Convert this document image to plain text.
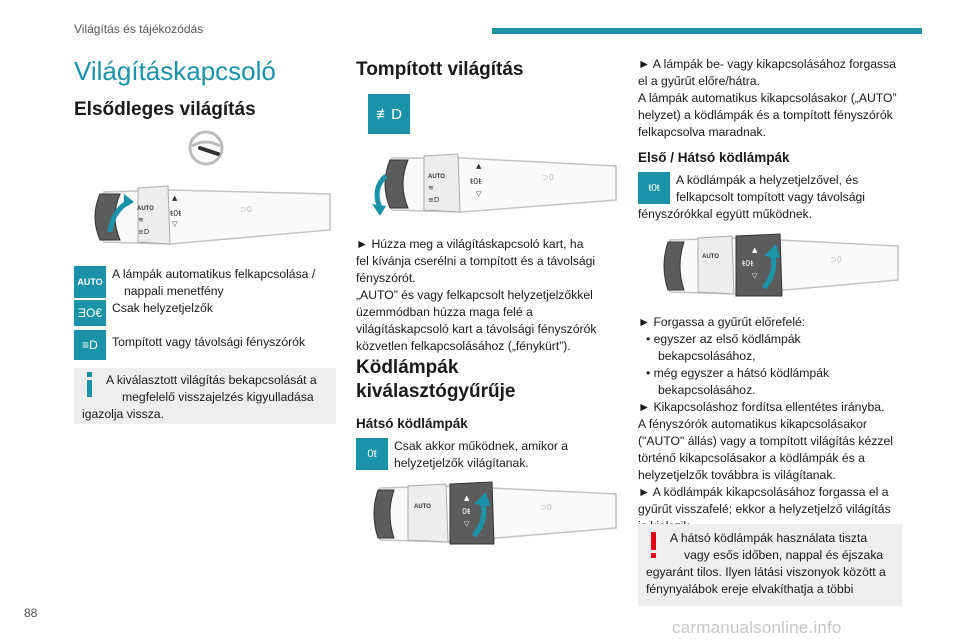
Világítás és tájékozódás
Világításkapcsoló
Elsődleges világítás
AUTO
≋
≡D
▲
ŧ0ŧ
▽
⊃0
AUTO
A lámpák automatikus felkapcsolása /
nappali menetfény
ƎO€ Csak helyzetjelzők
≡D Tompított vagy távolsági fényszórók
A kiválasztott világítás bekapcsolását a
megfelelő visszajelzés kigyulladása
igazolja vissza.
Tompított világítás
≢D
AUTO
≋
≡D
▲
ŧ0ŧ
▽
⊃0
► Húzza meg a világításkapcsoló kart, ha
fel kívánja cserélni a tompított és a távolsági
fényszórót.
„AUTO” és vagy felkapcsolt helyzetjelzőkkel
üzemmódban húzza maga felé a
világításkapcsoló kart a távolsági fényszórók
közvetlen felkapcsolásához („fénykürt”).
Ködlámpák
kiválasztógyűrűje
Hátsó ködlámpák
0ŧ
Csak akkor működnek, amikor a
helyzetjelzők világítanak.
AUTO
▲
0ŧ
▽
⊃0
► A lámpák be- vagy kikapcsolásához forgassa
el a gyűrűt előre/hátra.
A lámpák automatikus kikapcsolásakor („AUTO”
helyzet) a ködlámpák és a tompított fényszórók
felkapcsolva maradnak.
Első / Hátsó ködlámpák
ŧ0ŧ
A ködlámpák a helyzetjelzővel, és
felkapcsolt tompított vagy távolsági
fényszórókkal együtt működnek.
AUTO
▲
ŧ0ŧ
▽
⊃0
► Forgassa a gyűrűt előrefelé:
• egyszer az első ködlámpák
bekapcsolásához,
• még egyszer a hátsó ködlámpák
bekapcsolásához.
► Kikapcsoláshoz fordítsa ellentétes irányba.
A fényszórók automatikus kikapcsolásakor
("AUTO" állás) vagy a tompított világítás kézzel
történő kikapcsolásakor a ködlámpák és a
helyzetjelzők továbbra is világítanak.
► A ködlámpák kikapcsolásához forgassa el a
gyűrűt visszafelé; ekkor a helyzetjelző világítás
A hátsó ködlámpák használata tiszta
vagy esős időben, nappal és éjszaka
egyaránt tilos. Ilyen látási viszonyok között a
fénynyalábok ereje elvakíthatja a többi
88
carmanualsonline.info
